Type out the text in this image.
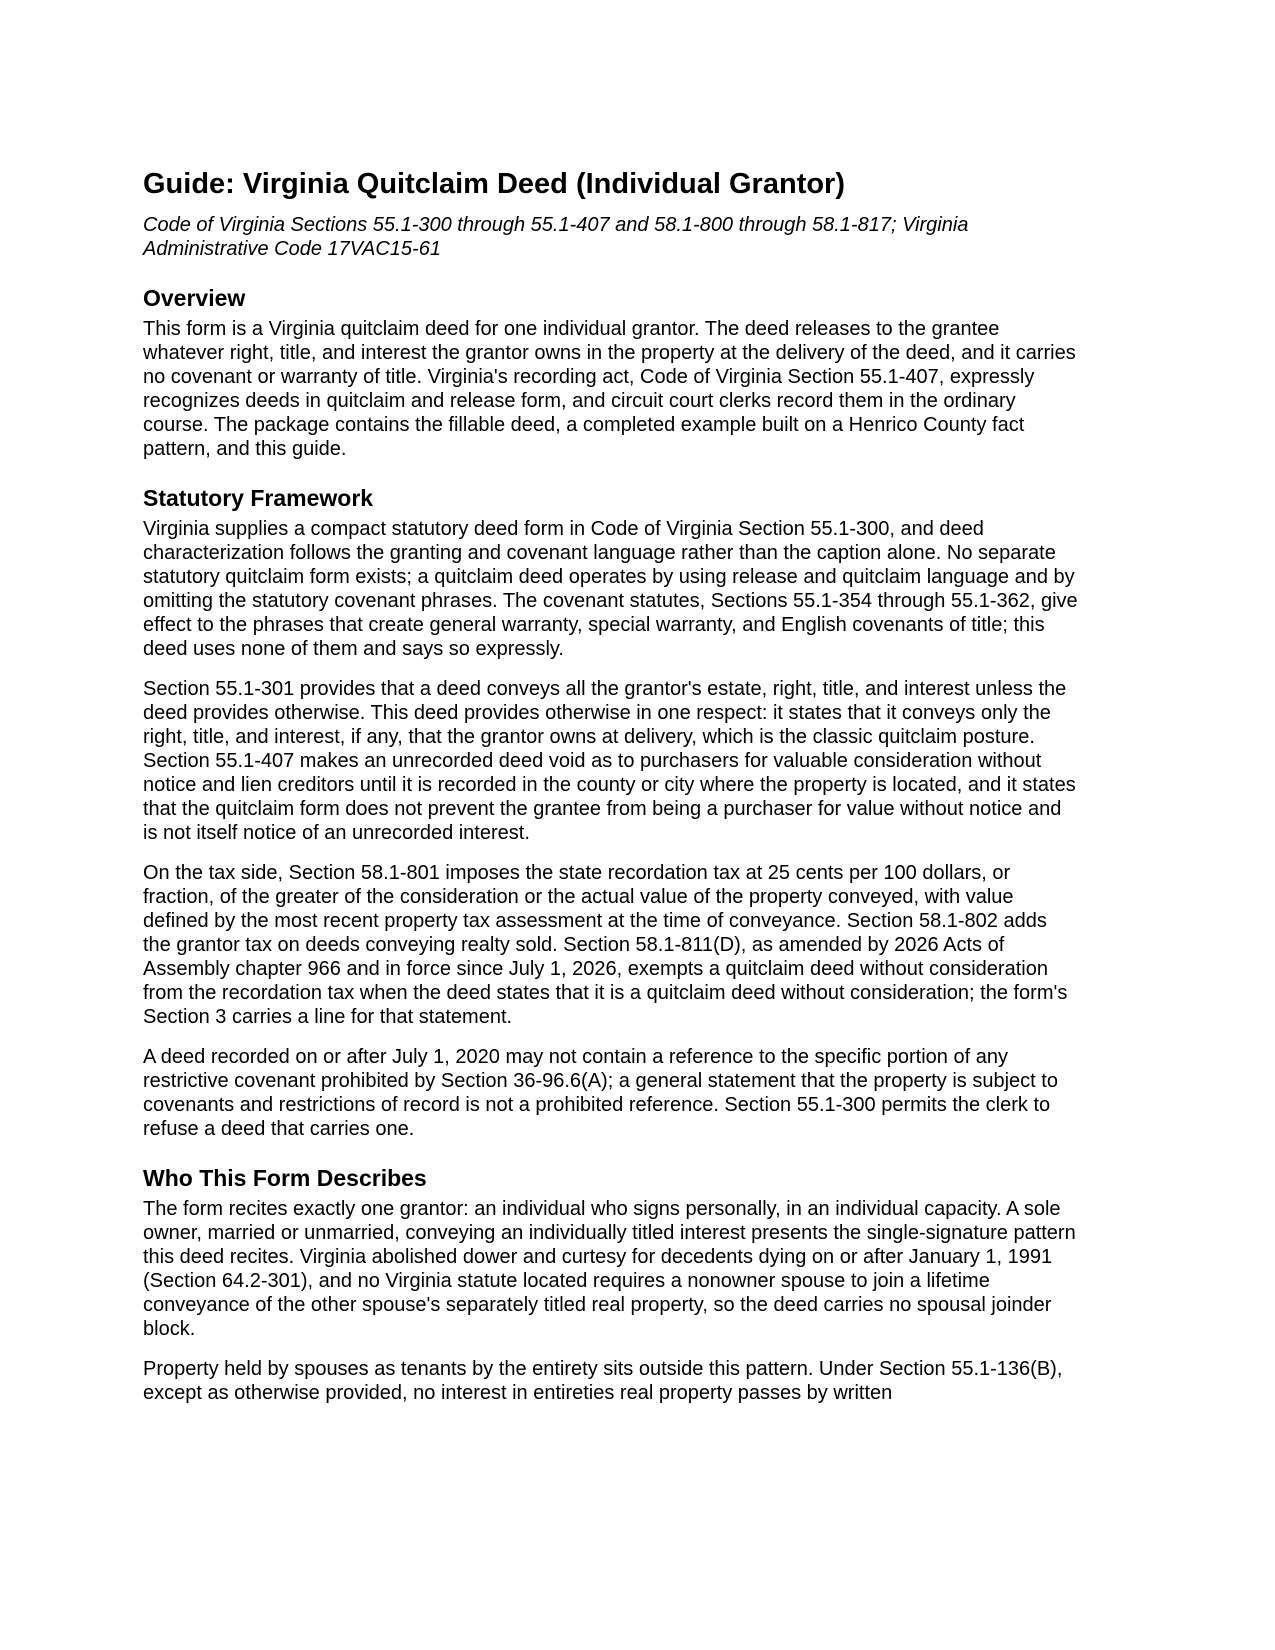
Guide: Virginia Quitclaim Deed (Individual Grantor)

Code of Virginia Sections 55.1-300 through 55.1-407 and 58.1-800 through 58.1-817; Virginia Administrative Code 17VAC15-61

Overview

This form is a Virginia quitclaim deed for one individual grantor. The deed releases to the grantee whatever right, title, and interest the grantor owns in the property at the delivery of the deed, and it carries no covenant or warranty of title. Virginia's recording act, Code of Virginia Section 55.1-407, expressly recognizes deeds in quitclaim and release form, and circuit court clerks record them in the ordinary course. The package contains the fillable deed, a completed example built on a Henrico County fact pattern, and this guide.

Statutory Framework

Virginia supplies a compact statutory deed form in Code of Virginia Section 55.1-300, and deed characterization follows the granting and covenant language rather than the caption alone. No separate statutory quitclaim form exists; a quitclaim deed operates by using release and quitclaim language and by omitting the statutory covenant phrases. The covenant statutes, Sections 55.1-354 through 55.1-362, give effect to the phrases that create general warranty, special warranty, and English covenants of title; this deed uses none of them and says so expressly.

Section 55.1-301 provides that a deed conveys all the grantor's estate, right, title, and interest unless the deed provides otherwise. This deed provides otherwise in one respect: it states that it conveys only the right, title, and interest, if any, that the grantor owns at delivery, which is the classic quitclaim posture. Section 55.1-407 makes an unrecorded deed void as to purchasers for valuable consideration without notice and lien creditors until it is recorded in the county or city where the property is located, and it states that the quitclaim form does not prevent the grantee from being a purchaser for value without notice and is not itself notice of an unrecorded interest.

On the tax side, Section 58.1-801 imposes the state recordation tax at 25 cents per 100 dollars, or fraction, of the greater of the consideration or the actual value of the property conveyed, with value defined by the most recent property tax assessment at the time of conveyance. Section 58.1-802 adds the grantor tax on deeds conveying realty sold. Section 58.1-811(D), as amended by 2026 Acts of Assembly chapter 966 and in force since July 1, 2026, exempts a quitclaim deed without consideration from the recordation tax when the deed states that it is a quitclaim deed without consideration; the form's Section 3 carries a line for that statement.

A deed recorded on or after July 1, 2020 may not contain a reference to the specific portion of any restrictive covenant prohibited by Section 36-96.6(A); a general statement that the property is subject to covenants and restrictions of record is not a prohibited reference. Section 55.1-300 permits the clerk to refuse a deed that carries one.

Who This Form Describes

The form recites exactly one grantor: an individual who signs personally, in an individual capacity. A sole owner, married or unmarried, conveying an individually titled interest presents the single-signature pattern this deed recites. Virginia abolished dower and curtesy for decedents dying on or after January 1, 1991 (Section 64.2-301), and no Virginia statute located requires a nonowner spouse to join a lifetime conveyance of the other spouse's separately titled real property, so the deed carries no spousal joinder block.

Property held by spouses as tenants by the entirety sits outside this pattern. Under Section 55.1-136(B), except as otherwise provided, no interest in entireties real property passes by written
